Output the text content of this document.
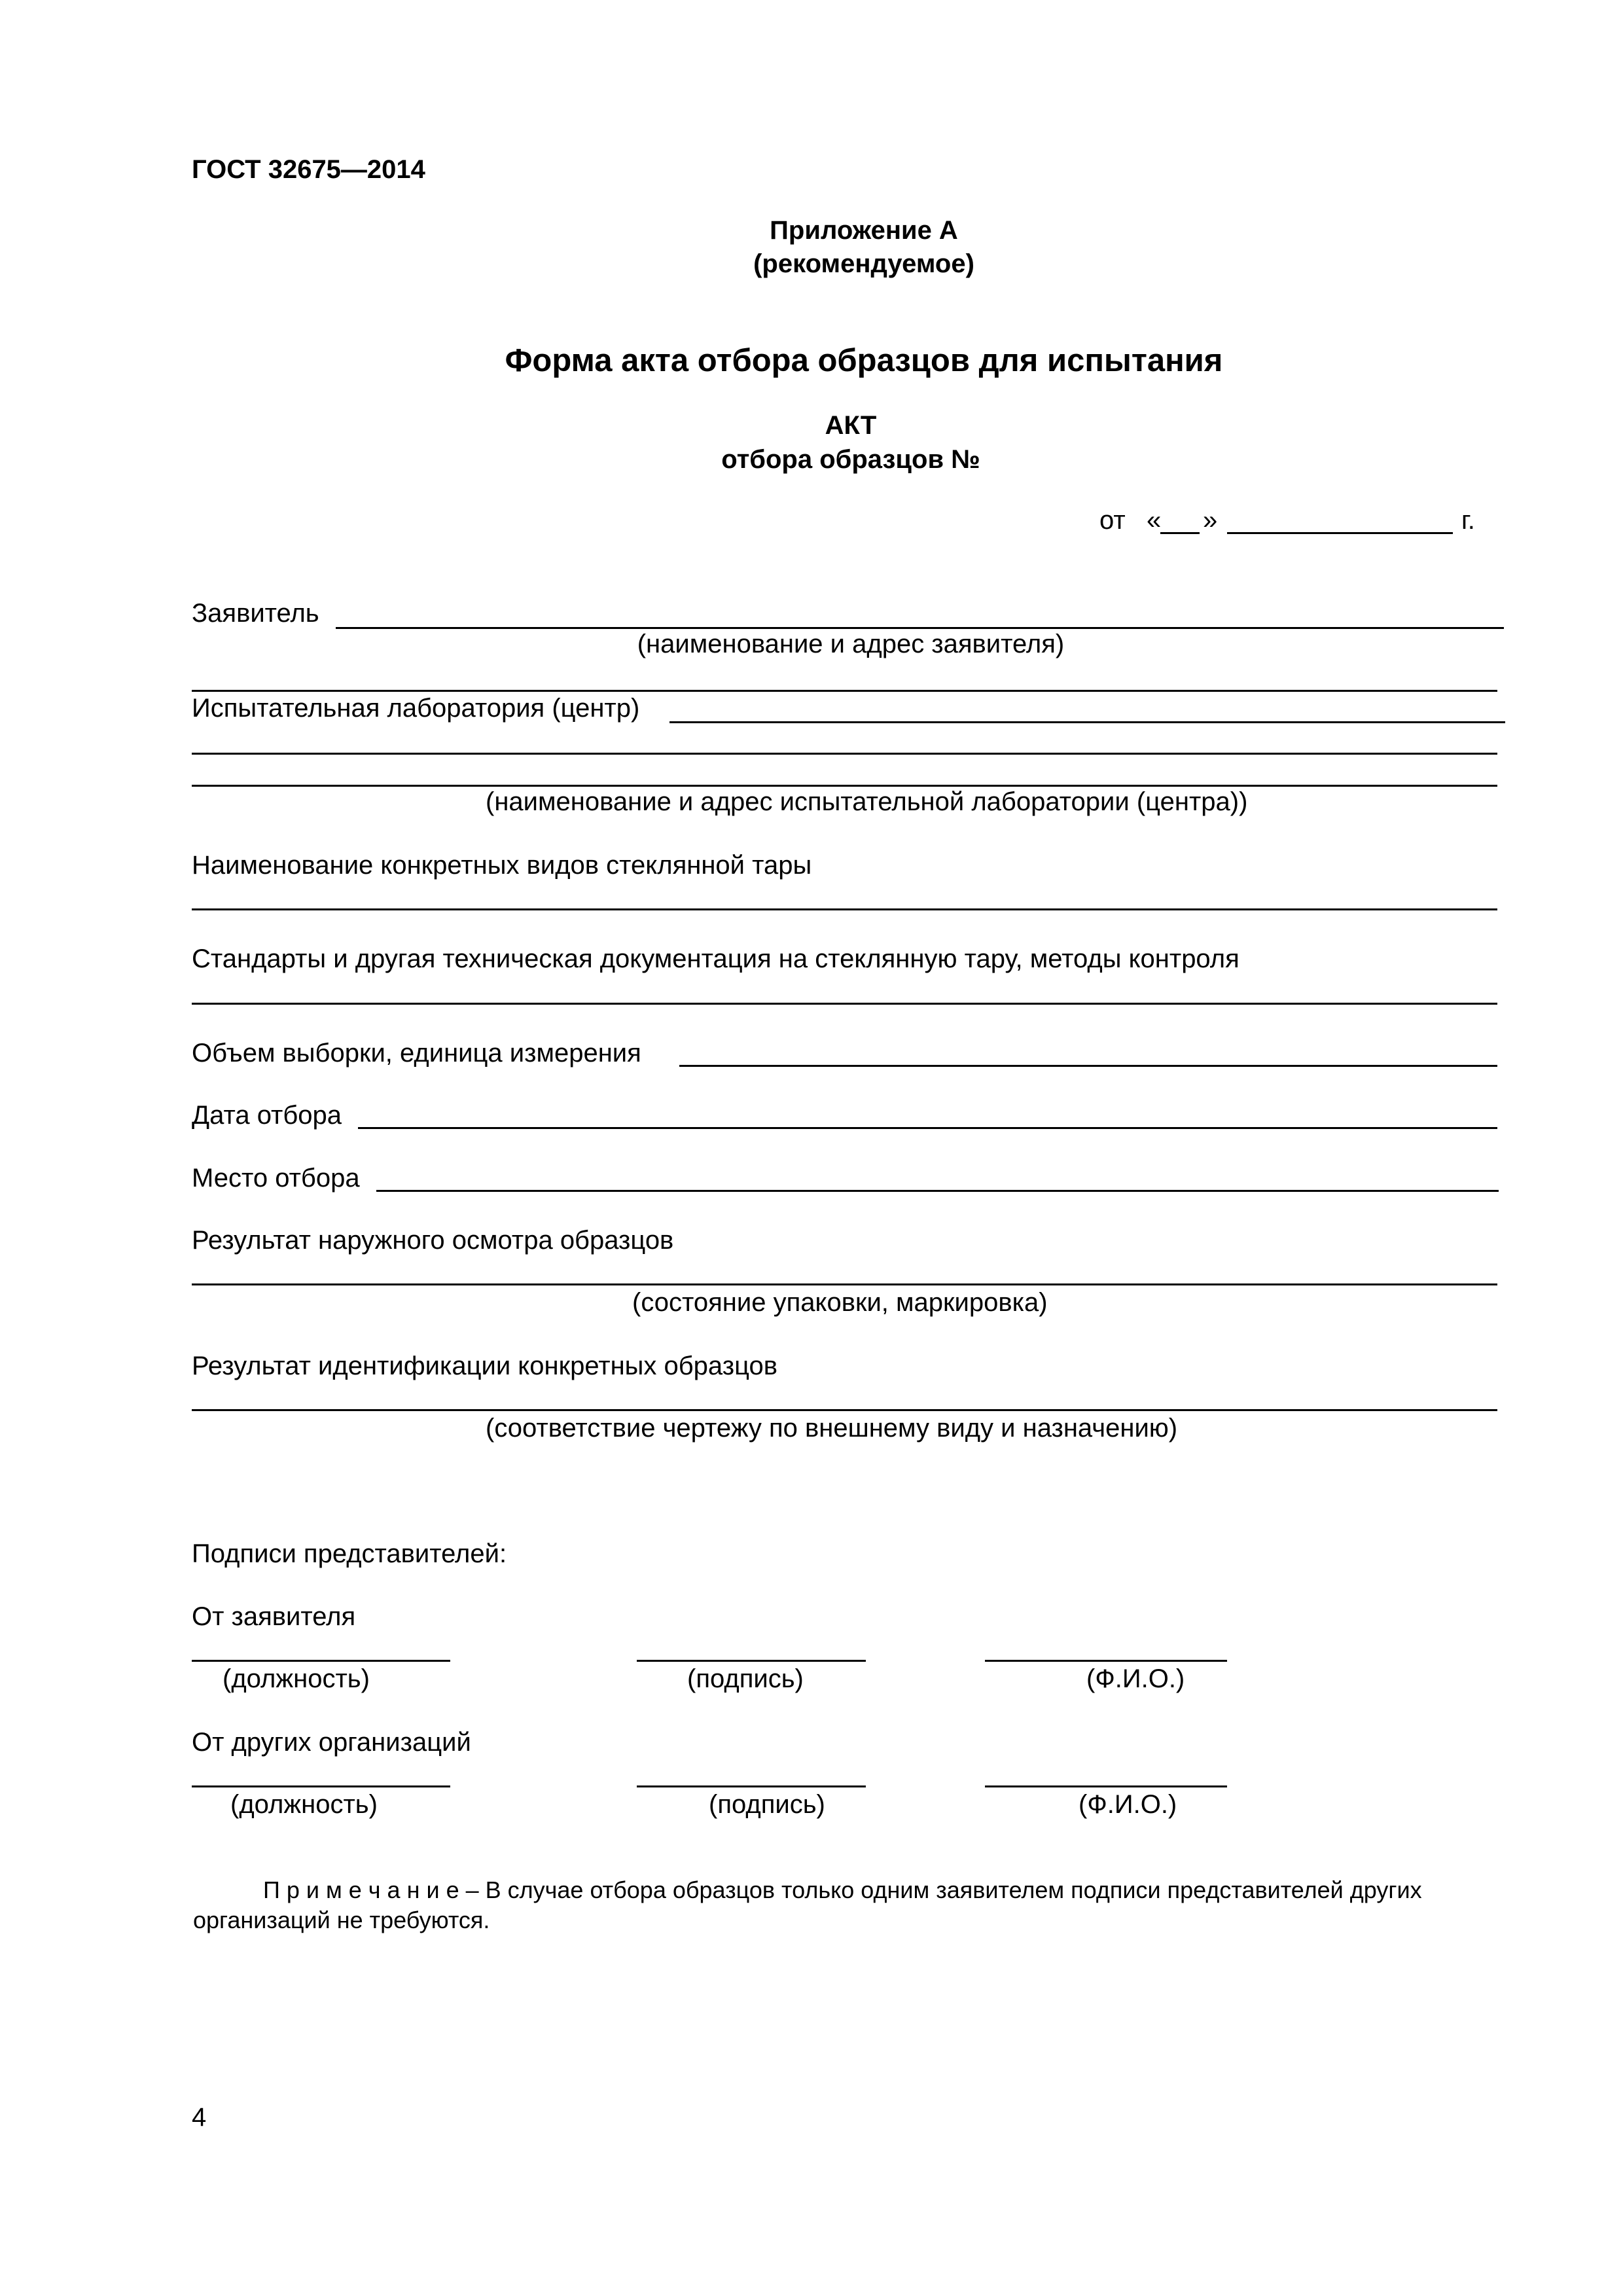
ГОСТ 32675—2014
Приложение А
(рекомендуемое)
Форма акта отбора образцов для испытания
АКТ
отбора образцов №
от « »	г.
Заявитель
(наименование и адрес заявителя)
Испытательная лаборатория (центр)
(наименование и адрес испытательной лаборатории (центра))
Наименование конкретных видов стеклянной тары
Стандарты и другая техническая документация на стеклянную тару, методы контроля
Объем выборки, единица измерения
Дата отбора
Место отбора
Результат наружного осмотра образцов
(состояние упаковки, маркировка)
Результат идентификации конкретных образцов
(соответствие чертежу по внешнему виду и назначению)
Подписи представителей:
От заявителя
(должность)	(подпись)	(Ф.И.О.)
От других организаций
(должность)	(подпись)	(Ф.И.О.)
П р и м е ч а н и е – В случае отбора образцов только одним заявителем подписи представителей других
организаций не требуются.
4
